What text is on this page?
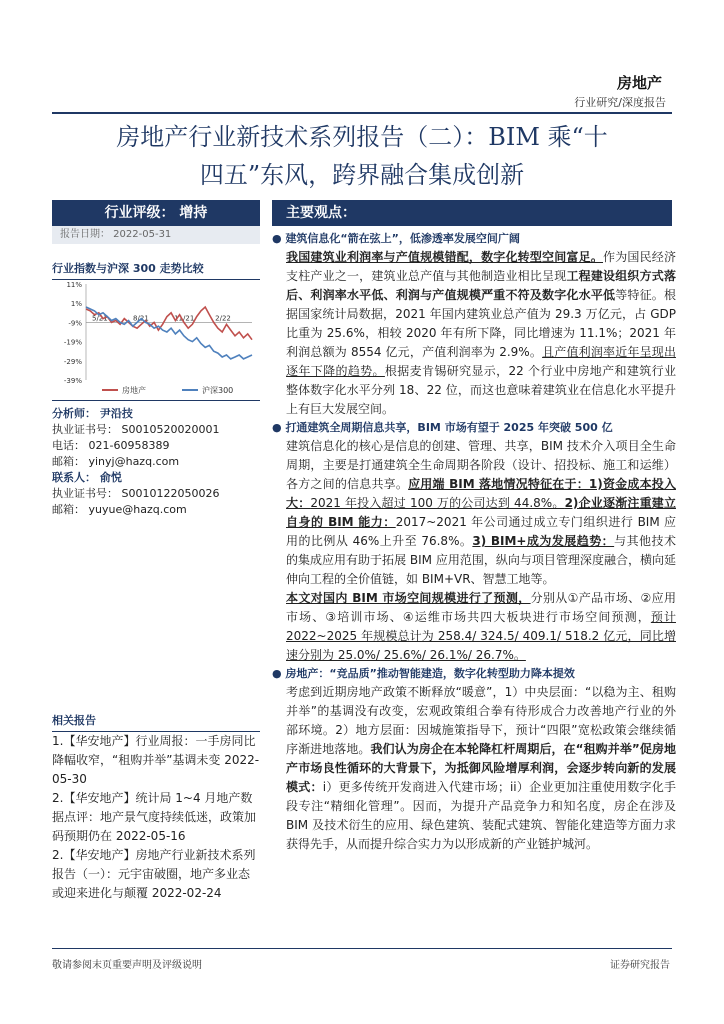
房地产
行业研究/深度报告
房地产行业新技术系列报告（二）：BIM 乘“十
四五”东风，跨界融合集成创新
行业评级： 增持
报告日期： 2022-05-31
行业指数与沪深 300 走势比较
11%
1%
-9%
-19%
-29%
-39%
5/21	8/21	11/21	2/22
房地产	沪深300
分析师： 尹沿技
执业证书号： S0010520020001
电话： 021-60958389
邮箱： yinyj@hazq.com
联系人： 俞悦
执业证书号： S0010122050026
邮箱： yuyue@hazq.com
相关报告

1.【华安地产】行业周报：一手房同比降幅收窄，“租购并举”基调未变 2022-05-30

2.【华安地产】统计局 1~4 月地产数据点评：地产景气度持续低迷，政策加码预期仍在 2022-05-16

2.【华安地产】房地产行业新技术系列报告（一）：元宇宙破圈，地产多业态或迎来进化与颠覆 2022-02-24

主要观点：
● 建筑信息化“箭在弦上”，低渗透率发展空间广阔
我国建筑业利润率与产值规模错配，数字化转型空间富足。作为国民经济支柱产业之一，建筑业总产值与其他制造业相比呈现工程建设组织方式落后、利润率水平低、利润与产值规模严重不符及数字化水平低等特征。根据国家统计局数据，2021 年国内建筑业总产值为 29.3 万亿元，占 GDP 比重为 25.6%，相较 2020 年有所下降，同比增速为 11.1%；2021 年利润总额为 8554 亿元，产值利润率为 2.9%。且产值利润率近年呈现出逐年下降的趋势。根据麦肯锡研究显示，22 个行业中房地产和建筑行业整体数字化水平分列 18、22 位，而这也意味着建筑业在信息化水平提升上有巨大发展空间。
● 打通建筑全周期信息共享，BIM 市场有望于 2025 年突破 500 亿
建筑信息化的核心是信息的创建、管理、共享，BIM 技术介入项目全生命周期，主要是打通建筑全生命周期各阶段（设计、招投标、施工和运维）各方之间的信息共享。应用端 BIM 落地情况特征在于：1)资金成本投入大：2021 年投入超过 100 万的公司达到 44.8%。2)企业逐渐注重建立自身的 BIM 能力：2017~2021 年公司通过成立专门组织进行 BIM 应用的比例从 46%上升至 76.8%。3) BIM+成为发展趋势：与其他技术的集成应用有助于拓展 BIM 应用范围，纵向与项目管理深度融合，横向延伸向工程的全价值链，如 BIM+VR、智慧工地等。
本文对国内 BIM 市场空间规模进行了预测，分别从①产品市场、②应用市场、③培训市场、④运维市场共四大板块进行市场空间预测，预计 2022~2025 年规模总计为 258.4/ 324.5/ 409.1/ 518.2 亿元，同比增速分别为 25.0%/ 25.6%/ 26.1%/ 26.7%。
● 房地产：“竞品质”推动智能建造，数字化转型助力降本提效
考虑到近期房地产政策不断释放“暖意”，1）中央层面：“以稳为主、租购并举”的基调没有改变，宏观政策组合拳有待形成合力改善地产行业的外部环境。2）地方层面：因城施策指导下，预计“四限”宽松政策会继续循序渐进地落地。我们认为房企在本轮降杠杆周期后，在“租购并举”促房地产市场良性循环的大背景下，为抵御风险增厚利润，会逐步转向新的发展模式：i）更多传统开发商进入代建市场；ii）企业更加注重使用数字化手段专注“精细化管理”。因而，为提升产品竞争力和知名度，房企在涉及 BIM 及技术衍生的应用、绿色建筑、装配式建筑、智能化建造等方面力求获得先手，从而提升综合实力为以形成新的产业链护城河。
敬请参阅末页重要声明及评级说明	证券研究报告
